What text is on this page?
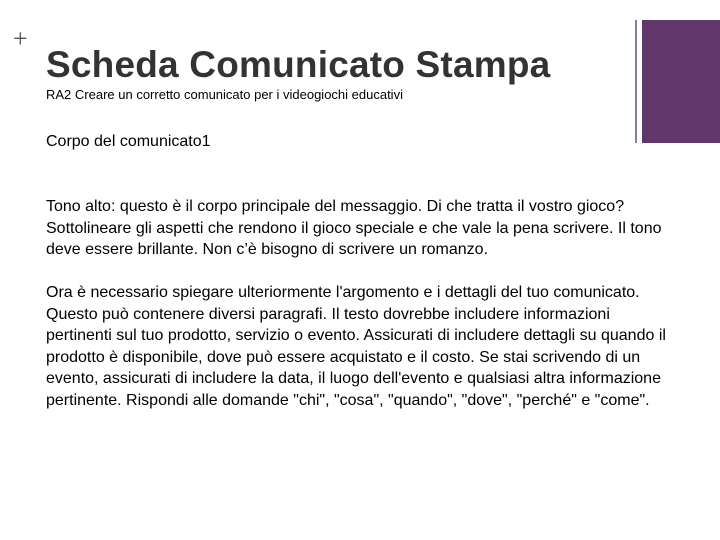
+
Scheda Comunicato Stampa
RA2 Creare un corretto comunicato per i videogiochi educativi
Corpo del comunicato1

Tono alto: questo è il corpo principale del messaggio. Di che tratta il vostro gioco? Sottolineare gli aspetti che rendono il gioco speciale e che vale la pena scrivere. Il tono deve essere brillante. Non c’è bisogno di scrivere un romanzo.

Ora è necessario spiegare ulteriormente l'argomento e i dettagli del tuo comunicato. Questo può contenere diversi paragrafi. Il testo dovrebbe includere informazioni pertinenti sul tuo prodotto, servizio o evento. Assicurati di includere dettagli su quando il prodotto è disponibile, dove può essere acquistato e il costo. Se stai scrivendo di un evento, assicurati di includere la data, il luogo dell'evento e qualsiasi altra informazione pertinente. Rispondi alle domande "chi", "cosa", "quando", "dove", "perché" e "come".
